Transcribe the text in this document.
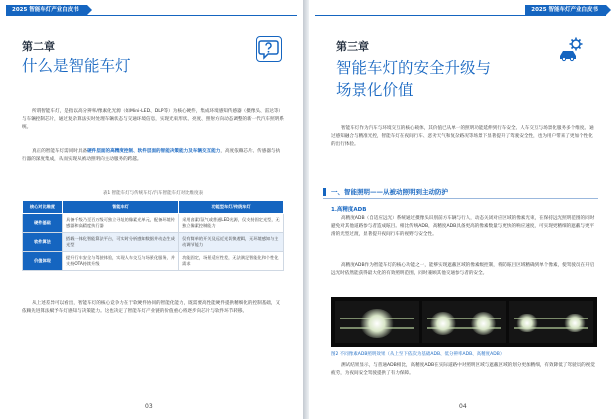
2025 智能车灯产业白皮书
第二章
什么是智能车灯

所谓智能车灯，是指以高分辨率/像素化光源（如Mini-LED、DLP等）为核心硬件，集成环境感知传感器（摄像头、雷达等）与车辆控制芯片，通过复杂算法实时处理车辆状态与交通环境信息，实现光束形状、亮度、照射方向动态调整的新一代汽车照明系统。

真正的智能车灯需同时具备硬件层面的高精度控制、软件层面的智能决策能力及车辆交互能力，高度依赖芯片、传感器与执行器的深度集成，从而实现从被动照明向主动服务的跨越。

表1 智能车灯与传统车灯/汽车智能车灯对比维度表
核心对比维度	智能车灯	功能型车灯/传统车灯
硬件基础	具备千级乃至百万级可独立寻址的像素光单元，配备环境传感器和高精度执行器	采用卤素/氙气或普通LED光源，仅支持固定光型，无独立像素控制能力
软件算法	搭载一体化智能算法平台，可实时分析感知数据并动态生成光型	仅有简单的开关及远近光切换逻辑，无环境感知与主动调节能力
价值体现	提升行车安全与驾驶体验，实现人车交互与场景化服务，并支持OTA持续升级	功能固定，场景适应性差，无法满足智能化和个性化需求

从上述差异可以看出，智能车灯的核心竞争力在于软硬件协同的智能化能力，既需要高性能硬件提供精细化的控制基础，又依赖先进算法赋予车灯感知与决策能力。这也决定了智能车灯产业链的价值重心将逐步向芯片与软件环节转移。

03
2025 智能车灯产业白皮书
第三章
智能车灯的安全升级与
场景化价值

智能车灯作为汽车与环境交互的核心载体，其价值已从单一的照明功能延伸到行车安全、人车交互与场景化服务多个维度。通过感知融合与精准光控，智能车灯在夜间行车、恶劣天气和复杂路况等场景下显著提升了驾驶安全性，也为用户带来了更加个性化的出行体验。

一、智能照明——从被动照明到主动防护
1.高精度ADB

高精度ADB（自适应远光）系统通过摄像头识别前方车辆与行人，动态关闭对应区域的像素光束，在保持远光照明范围的同时避免对其他道路参与者造成眩目。相比传统ADB，高精度ADB具备更高的像素数量与更快的响应速度，可实现更精细的遮蔽与更平滑的光型过渡，显著提升夜间行车的视野与安全性。

高精度ADB作为智能车灯的核心功能之一，能够实现遮蔽区域的像素级控制，将防眩目区域精确到单个像素，使驾驶员在开启远光时依然能获得最大化的有效照明范围，同时兼顾其他交通参与者的安全。

图2 不同像素ADB照明效果（从上至下依次为基础ADB、低分辨率ADB、高精度ADB）

测试结果显示，与普通ADB相比，高精度ADB在实际道路中对照明区域与遮蔽区域的划分更加精细，有效降低了驾驶员的视觉疲劳，为夜间安全驾驶提供了有力保障。

04
